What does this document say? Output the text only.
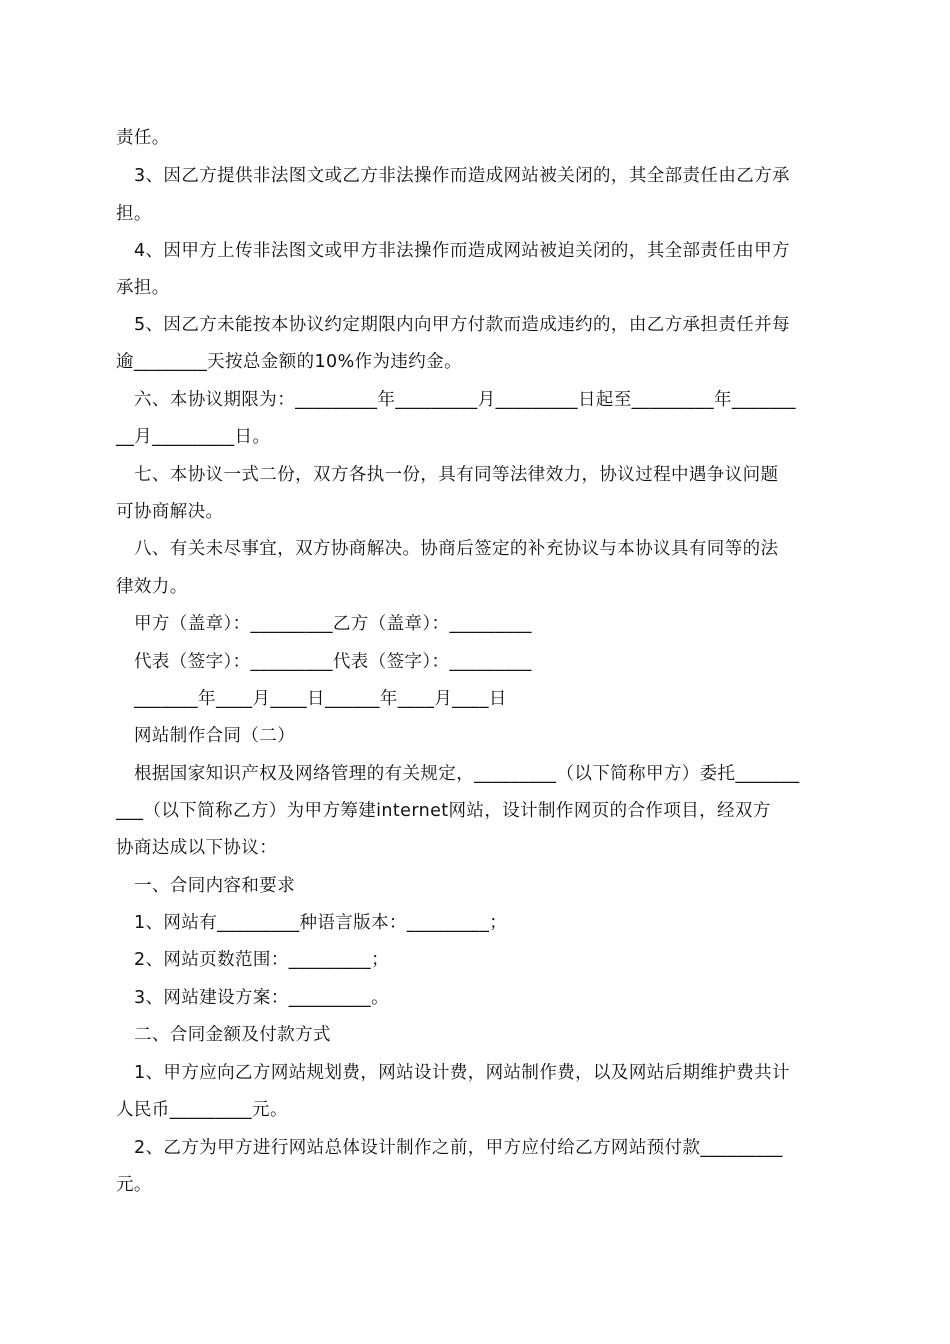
责任。
3、因乙方提供非法图文或乙方非法操作而造成网站被关闭的，其全部责任由乙方承
担。
4、因甲方上传非法图文或甲方非法操作而造成网站被迫关闭的，其全部责任由甲方
承担。
5、因乙方未能按本协议约定期限内向甲方付款而造成违约的，由乙方承担责任并每
逾________天按总金额的10%作为违约金。
六、本协议期限为：_________年_________月_________日起至_________年_______
__月_________日。
七、本协议一式二份，双方各执一份，具有同等法律效力，协议过程中遇争议问题
可协商解决。
八、有关未尽事宜，双方协商解决。协商后签定的补充协议与本协议具有同等的法
律效力。
甲方（盖章）：_________乙方（盖章）：_________
代表（签字）：_________代表（签字）：_________
_______年____月____日______年____月____日
网站制作合同（二）
根据国家知识产权及网络管理的有关规定，_________（以下简称甲方）委托_______
___（以下简称乙方）为甲方筹建internet网站，设计制作网页的合作项目，经双方
协商达成以下协议：
一、合同内容和要求
1、网站有_________种语言版本：_________；
2、网站页数范围：_________；
3、网站建设方案：_________。
二、合同金额及付款方式
1、甲方应向乙方网站规划费，网站设计费，网站制作费，以及网站后期维护费共计
人民币_________元。
2、乙方为甲方进行网站总体设计制作之前，甲方应付给乙方网站预付款_________
元。
